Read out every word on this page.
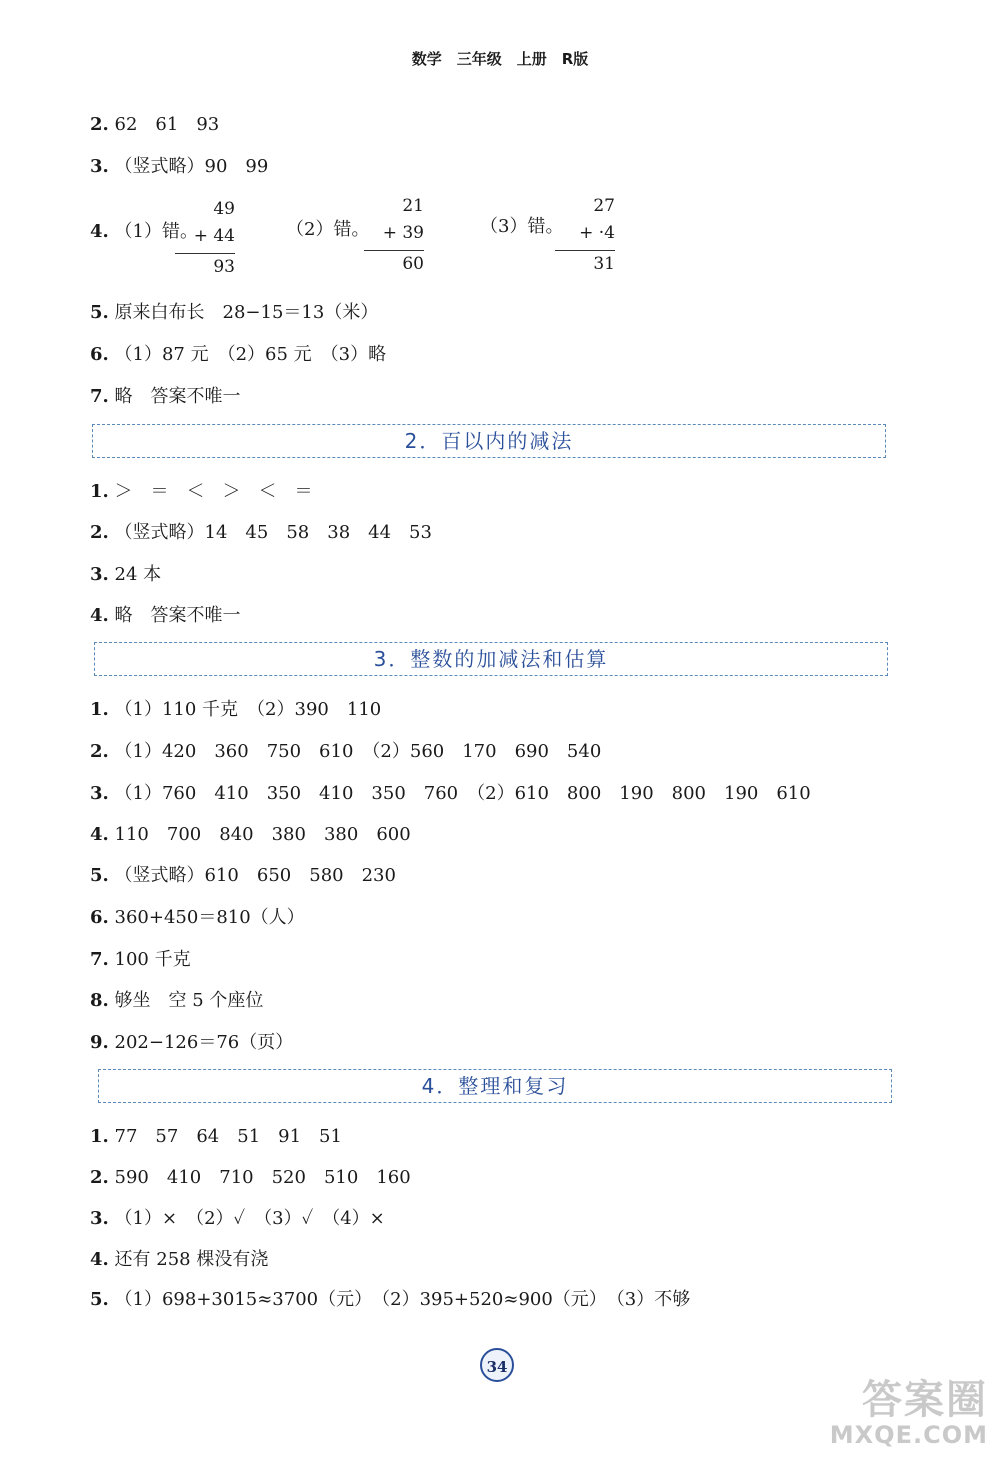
数学　三年级　上册　R版
2. 62　61　93
3. （竖式略）90　99
4. （1）错。
49
+ 44
93
（2）错。
21
+ 39
60
（3）错。
27
+ ·4
31
5. 原来白布长　28−15＝13（米）
6. （1）87 元　（2）65 元　（3）略
7. 略　答案不唯一
2．百以内的减法
1. ＞　＝　＜　＞　＜　＝
2. （竖式略）14　45　58　38　44　53
3. 24 本
4. 略　答案不唯一
3．整数的加减法和估算
1. （1）110 千克　（2）390　110
2. （1）420　360　750　610　（2）560　170　690　540
3. （1）760　410　350　410　350　760　（2）610　800　190　800　190　610
4. 110　700　840　380　380　600
5. （竖式略）610　650　580　230
6. 360+450＝810（人）
7. 100 千克
8. 够坐　空 5 个座位
9. 202−126＝76（页）
4．整理和复习
1. 77　57　64　51　91　51
2. 590　410　710　520　510　160
3. （1）×　（2）✓　（3）✓　（4）×
4. 还有 258 棵没有浇
5. （1）698+3015≈3700（元）　（2）395+520≈900（元）　（3）不够
34
答案圈
MXQE.COM
